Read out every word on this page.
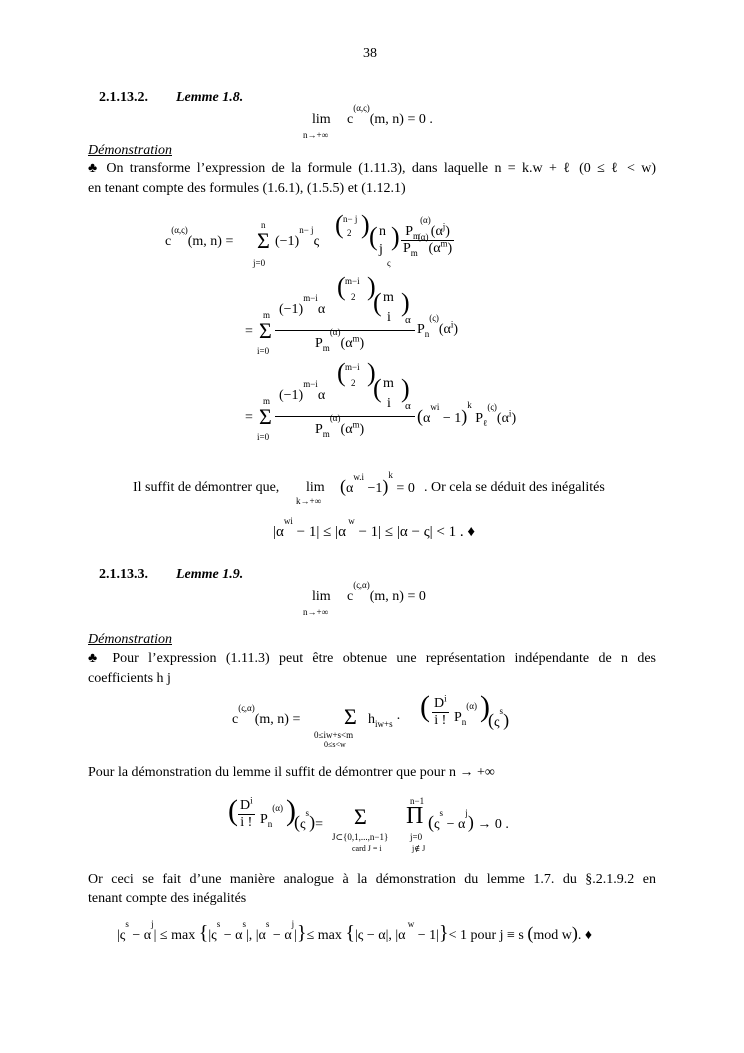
38
2.1.13.2. Lemme 1.8.
lim
n→+∞
$c^{(\alpha,\varsigma)}(m$, n) = 0 .
Démonstration
♣ On transforme l’expression de la formule (1.11.3), dans laquelle n = k.w + ℓ (0 ≤ ℓ < w)
en tenant compte des formules (1.6.1), (1.5.5) et (1.12.1)
$c^{(\alpha,\varsigma)}(m$, n) =
n
Σ
j=0
$(-1)^{n- j}\varsigma$
( n− j
2 ) ( n
j )
ς
$\frac{P_m^{(\alpha)}(\alpha^j)}{P_m^{(\alpha)}(\alpha^m)}$
=
m
Σ
i=0
$(-1)^{m-i}\alpha$
( m−i
2 )
( m
i
)
α
$P_m^{(\alpha)}(\alpha^m)$
$P_n^{(\varsigma)}(\alpha^i)$
=
m
Σ
i=0
$(-1)^{m-i}\alpha$
( m−i
2 )
( m
i
)
α
$P_m^{(\alpha)}(\alpha^m)$
$(\alpha^{wi} - 1)^k$ $P_\ell^{(\varsigma)}(\alpha^i)$
Il suffit de démontrer que, lim
k→+∞
$(\alpha^{w.i} -1)^k = 0$ . Or cela se déduit des inégalités
$|\alpha^{wi} - 1| \le |\alpha$ $^w$ − 1| ≤ |α − ς| < 1 . ♦
2.1.13.3. Lemme 1.9.
lim
n→+∞
$c^{(\varsigma,\alpha)}(m$, n) = 0
Démonstration
♣ Pour l’expression (1.11.3) peut être obtenue une représentation indépendante de n des
coefficients h j
$c^{(\varsigma,\alpha)}(m$, n) = Σ
0≤iw+s<m
0≤s<w
$h_{iw+s}$ · ( $\frac{D^i}{i !} P_n^{(\alpha)}$ )
$(\varsigma^s)$
Pour la démonstration du lemme il suffit de démontrer que pour n → +∞
( $\frac{D^i}{i !} P_n^{(\alpha)}$ )
$(\varsigma^s)= \Sigma$
J⊂{0,1,...,n−1}
card J = i
n−1
Π
j=0
j∉ J
$(\varsigma^s - \alpha^j) \to 0$ .
Or ceci se fait d’une manière analogue à la démonstration du lemme 1.7. du §.2.1.9.2 en
tenant compte des inégalités
$|\varsigma^s - \alpha^j| \le \max \{|\varsigma^s - \alpha^s|$, $|\alpha^s - \alpha^j|\}\le \max \{|\varsigma - \alpha|$, |α $^w$ − 1|}< 1 pour j ≡ s (mod w). ♦
